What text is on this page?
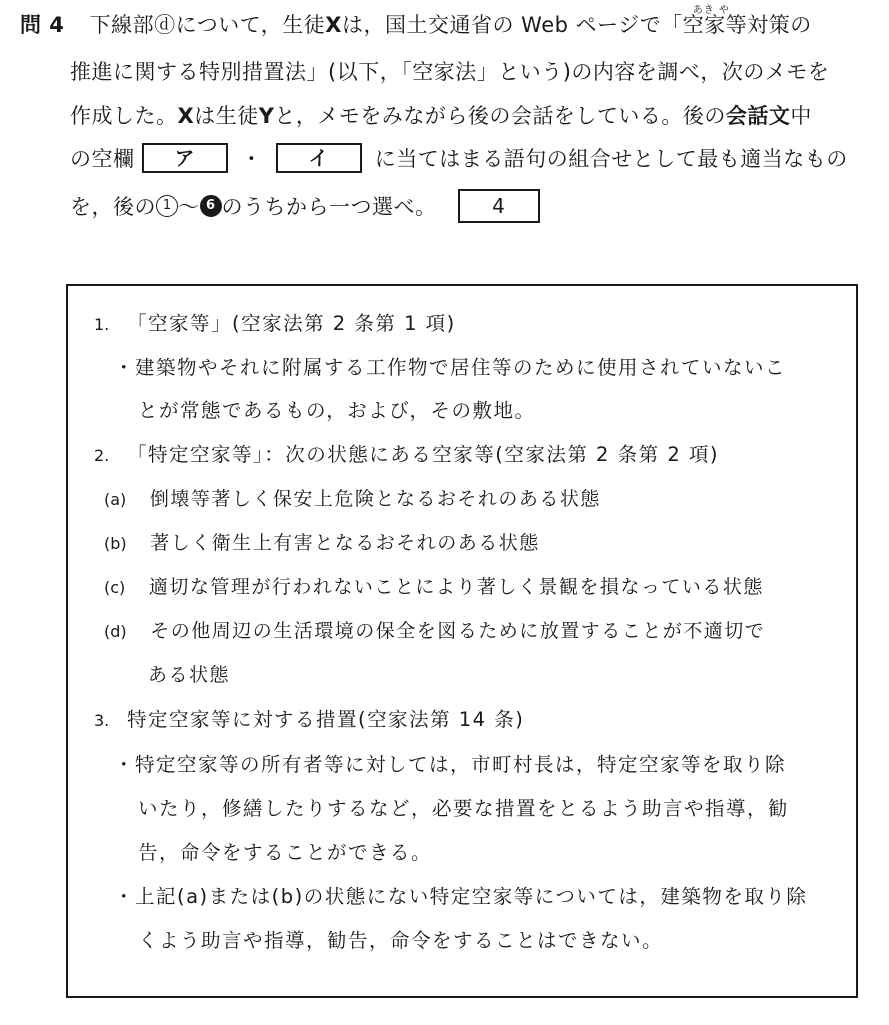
問 4 下線部ⓓについて，生徒Xは，国土交通省の Web ページで「
あき や
空家等対策の
推進に関する特別措置法」(以下，「空家法」という)の内容を調べ，次のメモを
作成した。Xは生徒Yと，メモをみながら後の会話をしている。後の会話文中
の空欄 ア ・ イ に当てはまる語句の組合せとして最も適当なもの
を，後の 1 ～ 6 のうちから一つ選べ。	4
1. 「空家等」(空家法第 2 条第 1 項)
・建築物やそれに附属する工作物で居住等のために使用されていないこ
とが常態であるもの，および，その敷地。
2. 「特定空家等」：次の状態にある空家等(空家法第 2 条第 2 項)
(a) 倒壊等著しく保安上危険となるおそれのある状態
(b) 著しく衛生上有害となるおそれのある状態
(c) 適切な管理が行われないことにより著しく景観を損なっている状態
(d) その他周辺の生活環境の保全を図るために放置することが不適切で
ある状態
3. 特定空家等に対する措置(空家法第 14 条)
・特定空家等の所有者等に対しては，市町村長は，特定空家等を取り除
いたり，修繕したりするなど，必要な措置をとるよう助言や指導，勧
告，命令をすることができる。
・上記(a)または(b)の状態にない特定空家等については，建築物を取り除
くよう助言や指導，勧告，命令をすることはできない。
